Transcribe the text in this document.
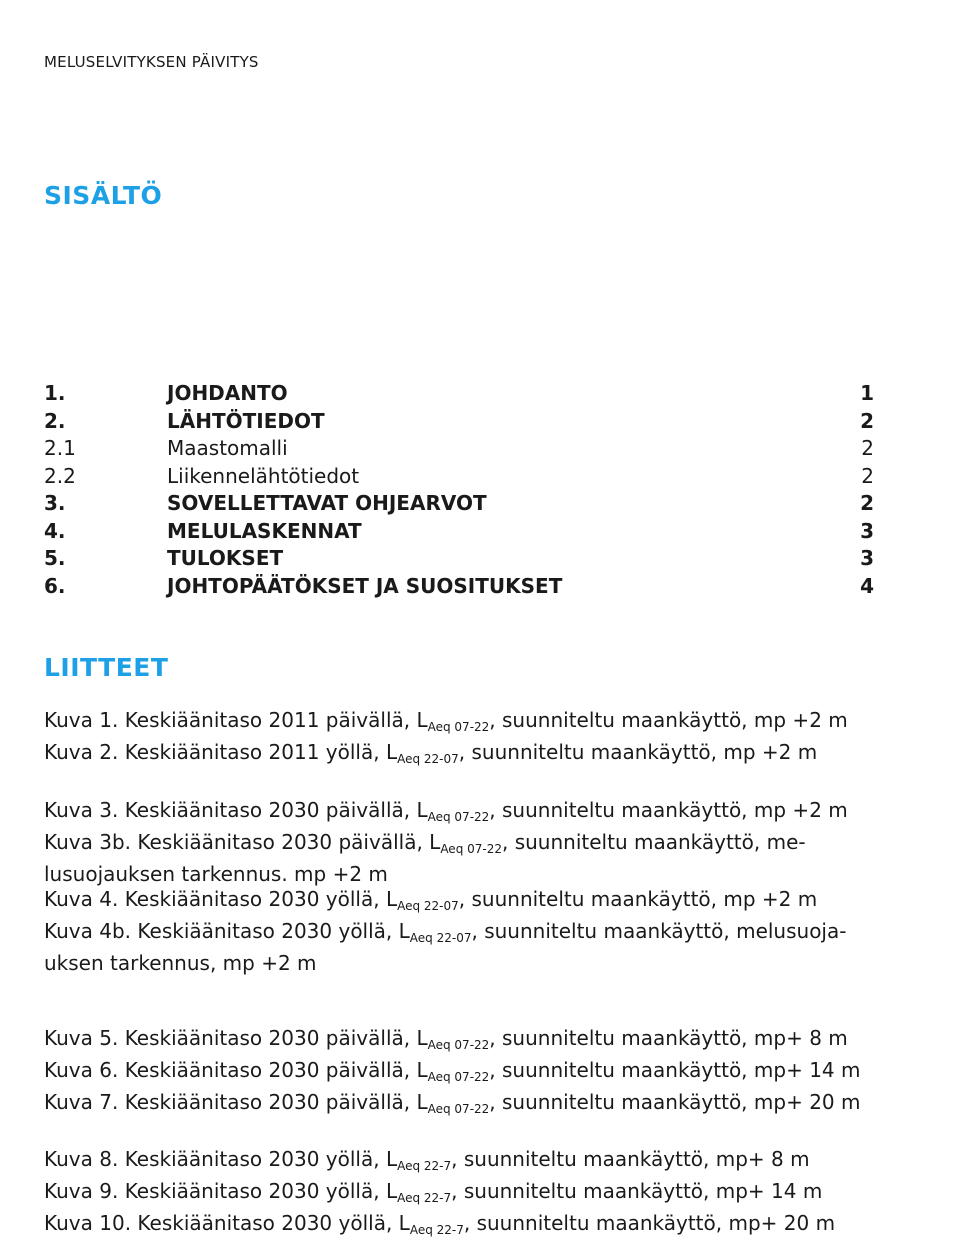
MELUSELVITYKSEN PÄIVITYS
SISÄLTÖ
1.	JOHDANTO	1
2.	LÄHTÖTIEDOT	2
2.1	Maastomalli	2
2.2	Liikennelähtötiedot	2
3.	SOVELLETTAVAT OHJEARVOT	2
4.	MELULASKENNAT	3
5.	TULOKSET	3
6.	JOHTOPÄÄTÖKSET JA SUOSITUKSET	4
LIITTEET
Kuva 1. Keskiäänitaso 2011 päivällä, $L_{Aeq 07-22}$, suunniteltu maankäyttö, mp +2 m
Kuva 2. Keskiäänitaso 2011 yöllä, $L_{Aeq 22-07}$, suunniteltu maankäyttö, mp +2 m
Kuva 3. Keskiäänitaso 2030 päivällä, $L_{Aeq 07-22}$, suunniteltu maankäyttö, mp +2 m
Kuva 3b. Keskiäänitaso 2030 päivällä, $L_{Aeq 07-22}$, suunniteltu maankäyttö, me-
lusuojauksen tarkennus. mp +2 m
Kuva 4. Keskiäänitaso 2030 yöllä, $L_{Aeq 22-07}$, suunniteltu maankäyttö, mp +2 m
Kuva 4b. Keskiäänitaso 2030 yöllä, $L_{Aeq 22-07}$, suunniteltu maankäyttö, melusuoja-
uksen tarkennus, mp +2 m
Kuva 5. Keskiäänitaso 2030 päivällä, $L_{Aeq 07-22}$, suunniteltu maankäyttö, mp+ 8 m
Kuva 6. Keskiäänitaso 2030 päivällä, $L_{Aeq 07-22}$, suunniteltu maankäyttö, mp+ 14 m
Kuva 7. Keskiäänitaso 2030 päivällä, $L_{Aeq 07-22}$, suunniteltu maankäyttö, mp+ 20 m
Kuva 8. Keskiäänitaso 2030 yöllä, $L_{Aeq 22-7}$, suunniteltu maankäyttö, mp+ 8 m
Kuva 9. Keskiäänitaso 2030 yöllä, $L_{Aeq 22-7}$, suunniteltu maankäyttö, mp+ 14 m
Kuva 10. Keskiäänitaso 2030 yöllä, $L_{Aeq 22-7}$, suunniteltu maankäyttö, mp+ 20 m
